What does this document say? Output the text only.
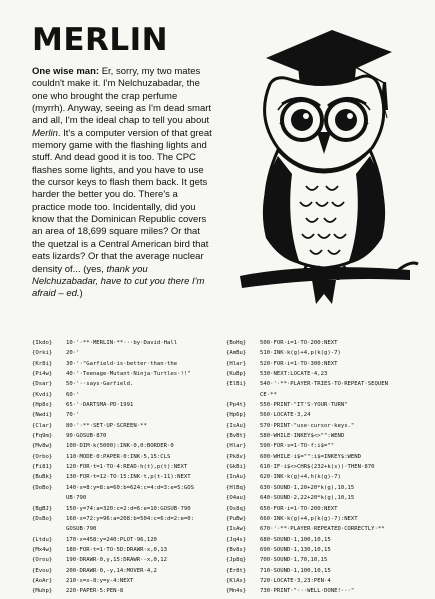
MERLIN

One wise man: Er, sorry, my two mates couldn't make it. I'm Nelchuzabadar, the one who brought the crap perfume (myrrh). Anyway, seeing as I'm dead smart and all, I'm the ideal chap to tell you about Merlin. It's a computer version of that great memory game with the flashing lights and stuff. And dead good it is too. The CPC flashes some lights, and you have to use the cursor keys to flash them back. It gets harder the better you do. There's a practice mode too. Incidentally, did you know that the Dominican Republic covers an area of 18,699 square miles? Or that the quetzal is a Central American bird that eats lizards? Or that the average nuclear density of... (yes, thank you Nelchuzabadar, have to cut you there I'm afraid – ed.)

{Ikdo}	10·'·**·MERLIN·**···by·David·Hall
{Orki}	20·'
{Kr8i}	30·'·"Garfield·is·better·than·the
{Pi4w}	40·'·Teenage·Mutant·Ninja·Turtles·!!"
{Dsar}	50·'··says·Garfield.
{Kvdi}	60·'
{Hp8s}	65·'·DARTSMA·PD·1991
{Nwdi}	70·'
{Clar}	80·'·**·SET·UP·SCREEN·**
{Fq9m}	90·GOSUB·870
{Mv8w}	100·DIM·k(5000):INK·0,0:BORDER·0
{Orbo}	110·MODE·0:PAPER·0:INK·5,15:CLS
{Fi81}	120·FOR·t=1·TO·4:READ·h(t),p(t):NEXT
{BuBk}	130·FOR·t=12·TO·15:INK·t,p(t-11):NEXT
{DoBo}	140·x=8:y=8:a=60:b=624:c=4:d=3:e=5:GOS
UB·790
{BgBJ}	150·y=74:a=320:c=2:d=6:e=10:GOSUB·790
{DsBo}	160·x=72:y=96:a=208:b=504:c=6:d=2:e=0:
GOSUB·790
{Ltdu}	170·x=458:y=240:PLOT·96,120
{Mx4w}	180·FOR·t=1·TO·5D:DRAWR·x,0,13
{Orou}	190·DRAWR·0,y,15:DRAWR·-x,0,12
{Evou}	200·DRAWR·0,-y,14:MOVER·4,2
{AoAr}	210·x=x-8:y=y-4:NEXT
{Muhp}	220·PAPER·5:PEN·8
{BoHq}	500·FOR·i=1·TO·200:NEXT
{AmBu}	510·INK·k(g)+4,p(k(g)-7)
{Hlar}	520·FOR·i=1·TO·300:NEXT
{KuBp}	530·NEXT:LOCATE·4,23
{ElBi}	540·'·**·PLAYER·TRIES·TO·REPEAT·SEQUEN
CE·**
{Pp4t}	550·PRINT·"IT'S·YOUR·TURN"
{Hp6p}	560·LOCATE·3,24
{IsAu}	570·PRINT·"use·cursor·keys."
{BvBt}	580·WHILE·INKEY$<>"":WEND
{Hlar}	590·FOR·s=1·TO·f:i$=""
{Pk8v}	600·WHILE·i$="":i$=INKEY$:WEND
{GkBi}	610·IF·i$<>CHR$(232+k(s))·THEN·870
{InAu}	620·INK·k(g)+4,h(k(g)-7)
{HlBq}	630·SOUND·1,20+20*k(g),10,15
{O4au}	640·SOUND·2,22+20*k(g),10,15
{Os8q}	650·FOR·i=1·TO·200:NEXT
{PuBw}	660·INK·k(g)+4,p(k(g)-7):NEXT
{IsAw}	670·'·**·PLAYER·REPEATED·CORRECTLY·**
{Jq4s}	680·SOUND·1,100,10,15
{Bv8s}	690·SOUND·1,130,10,15
{Jp8q}	700·SOUND·1,70,10,15
{Er8t}	710·SOUND·1,100,10,15
{KlAs}	720·LOCATE·3,23:PEN·4
{Mn4s}	730·PRINT·"···WELL·DONE!···"
